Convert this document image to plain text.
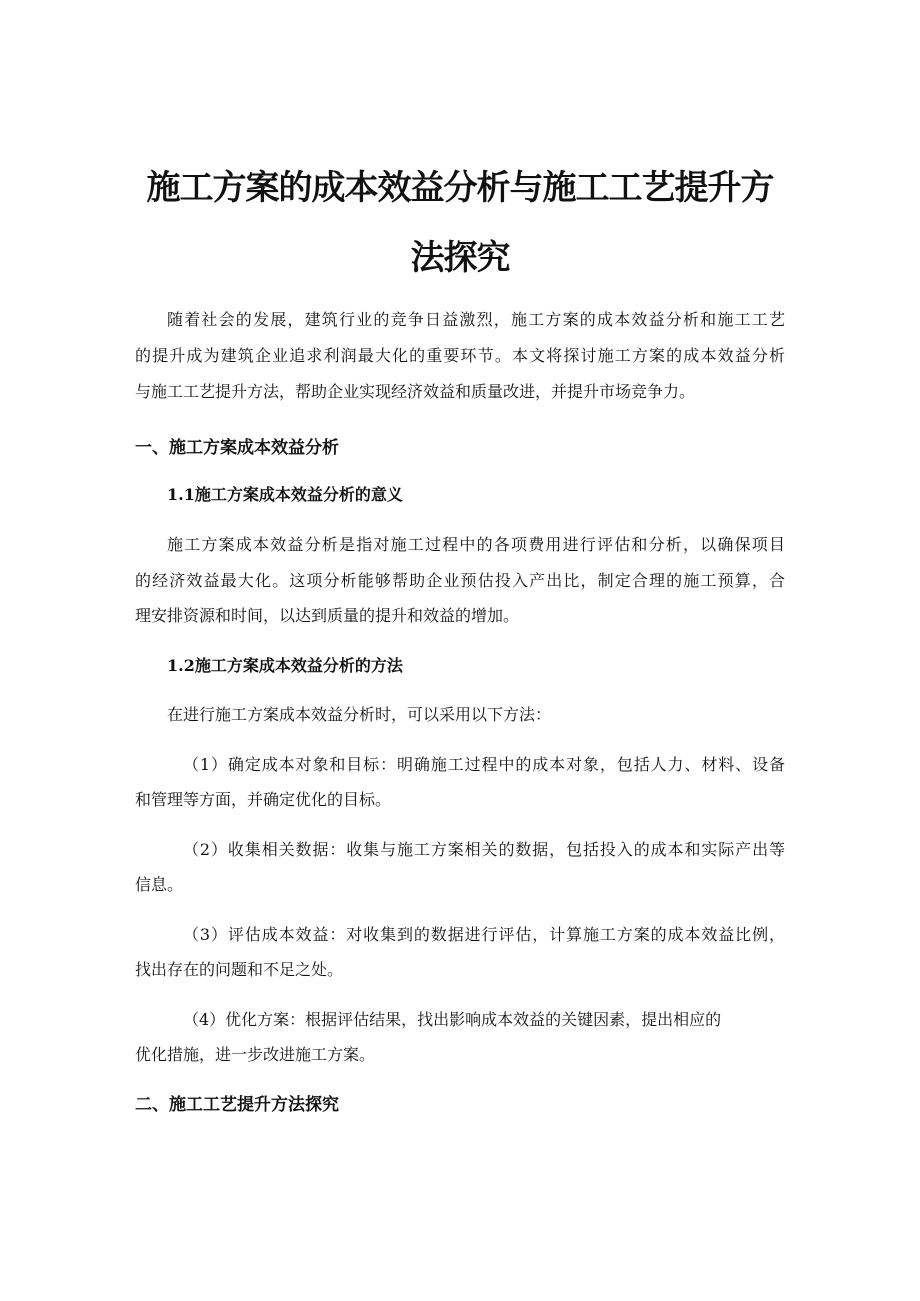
施工方案的成本效益分析与施工工艺提升方
法探究

随着社会的发展，建筑行业的竞争日益激烈，施工方案的成本效益分析和施工工艺

的提升成为建筑企业追求利润最大化的重要环节。本文将探讨施工方案的成本效益分析

与施工工艺提升方法，帮助企业实现经济效益和质量改进，并提升市场竞争力。

一、施工方案成本效益分析
1.1施工方案成本效益分析的意义

施工方案成本效益分析是指对施工过程中的各项费用进行评估和分析，以确保项目

的经济效益最大化。这项分析能够帮助企业预估投入产出比，制定合理的施工预算，合

理安排资源和时间，以达到质量的提升和效益的增加。

1.2施工方案成本效益分析的方法

在进行施工方案成本效益分析时，可以采用以下方法：

（1）确定成本对象和目标：明确施工过程中的成本对象，包括人力、材料、设备

和管理等方面，并确定优化的目标。

（2）收集相关数据：收集与施工方案相关的数据，包括投入的成本和实际产出等

信息。

（3）评估成本效益：对收集到的数据进行评估，计算施工方案的成本效益比例，

找出存在的问题和不足之处。

（4）优化方案：根据评估结果，找出影响成本效益的关键因素，提出相应的

优化措施，进一步改进施工方案。

二、施工工艺提升方法探究
